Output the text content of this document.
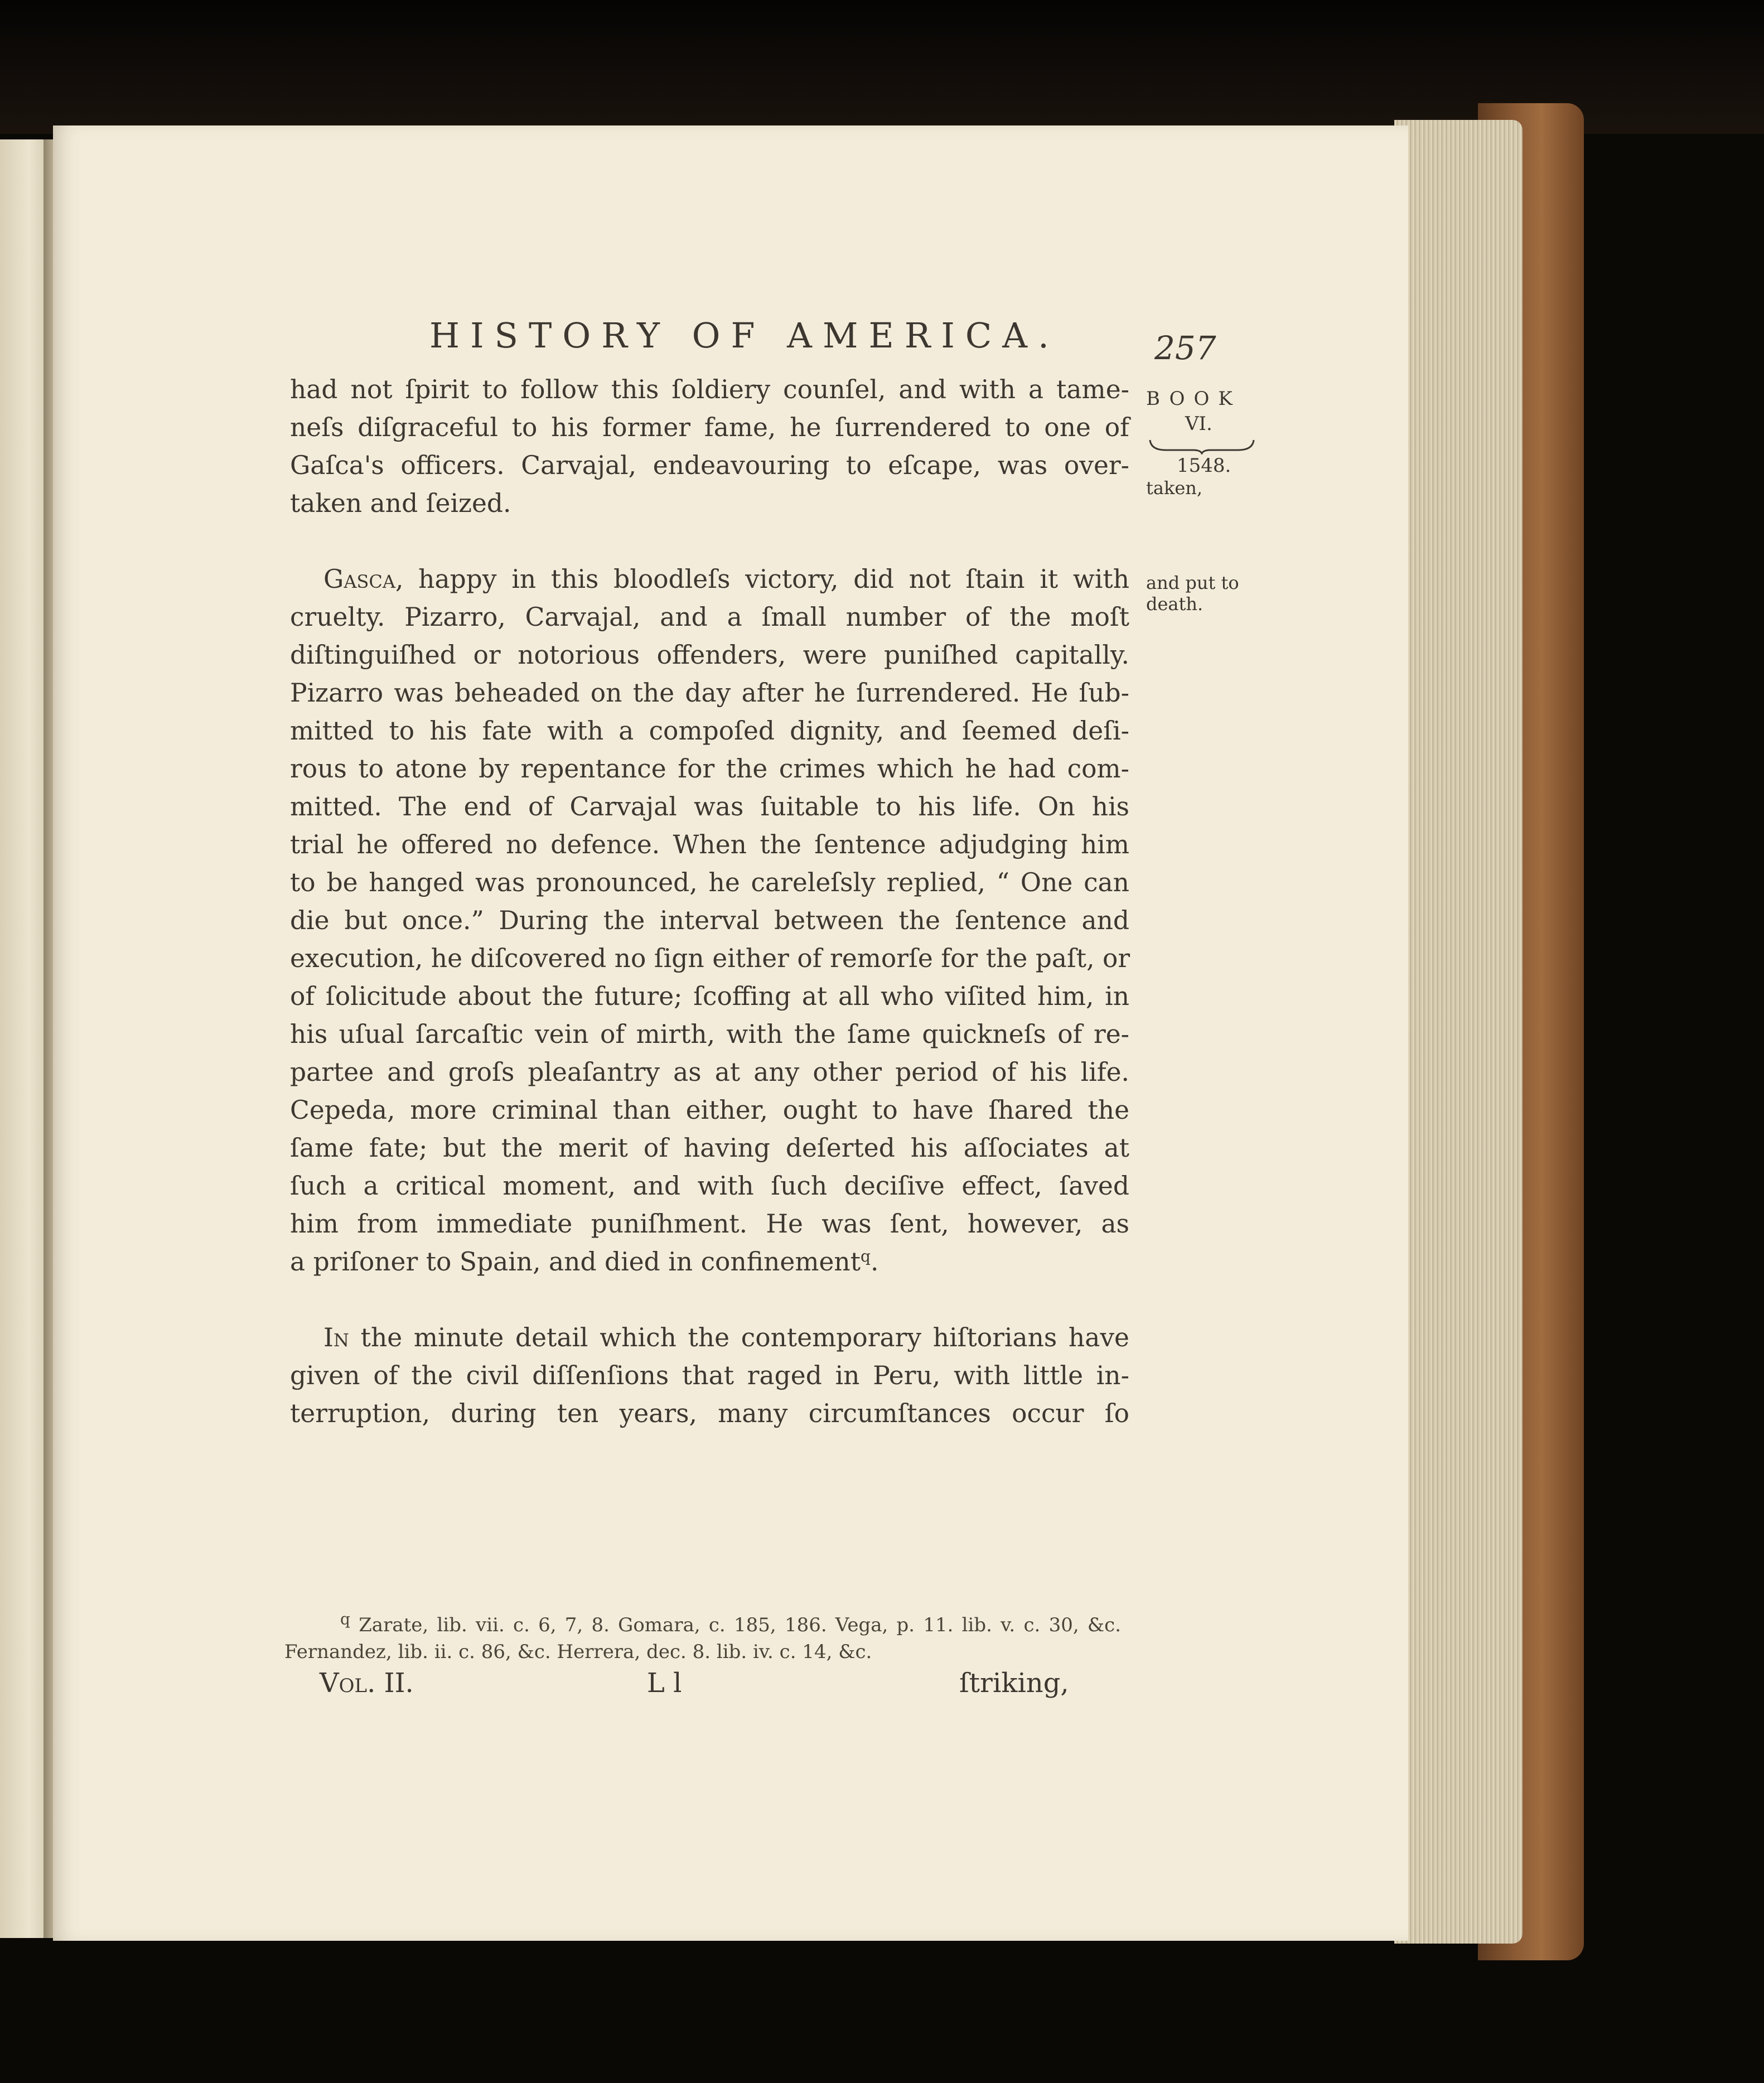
HISTORY OF AMERICA.	257
BOOK
VI.
1548.
taken,
and put to
death.
had not ſpirit to follow this ſoldiery counſel, and with a tame-
neſs diſgraceful to his former fame, he ſurrendered to one of
Gaſca's officers. Carvajal, endeavouring to eſcape, was over-
taken and ſeized.
Gasca, happy in this bloodleſs victory, did not ſtain it with
cruelty. Pizarro, Carvajal, and a ſmall number of the moſt
diſtinguiſhed or notorious offenders, were puniſhed capitally.
Pizarro was beheaded on the day after he ſurrendered. He ſub-
mitted to his fate with a compoſed dignity, and ſeemed deſi-
rous to atone by repentance for the crimes which he had com-
mitted. The end of Carvajal was ſuitable to his life. On his
trial he offered no defence. When the ſentence adjudging him
to be hanged was pronounced, he careleſsly replied, “ One can
die but once.” During the interval between the ſentence and
execution, he diſcovered no ſign either of remorſe for the paſt, or
of ſolicitude about the future; ſcoffing at all who viſited him, in
his uſual ſarcaſtic vein of mirth, with the ſame quickneſs of re-
partee and groſs pleaſantry as at any other period of his life.
Cepeda, more criminal than either, ought to have ſhared the
ſame fate; but the merit of having deſerted his aſſociates at
ſuch a critical moment, and with ſuch deciſive effect, ſaved
him from immediate puniſhment. He was ſent, however, as
a priſoner to Spain, and died in confinement$^q$.
In the minute detail which the contemporary hiſtorians have
given of the civil diſſenſions that raged in Peru, with little in-
terruption, during ten years, many circumſtances occur ſo
$^q$ Zarate, lib. vii. c. 6, 7, 8. Gomara, c. 185, 186. Vega, p. 11. lib. v. c. 30, &c.
Fernandez, lib. ii. c. 86, &c. Herrera, dec. 8. lib. iv. c. 14, &c.
Vol. II.	L l	ſtriking,
